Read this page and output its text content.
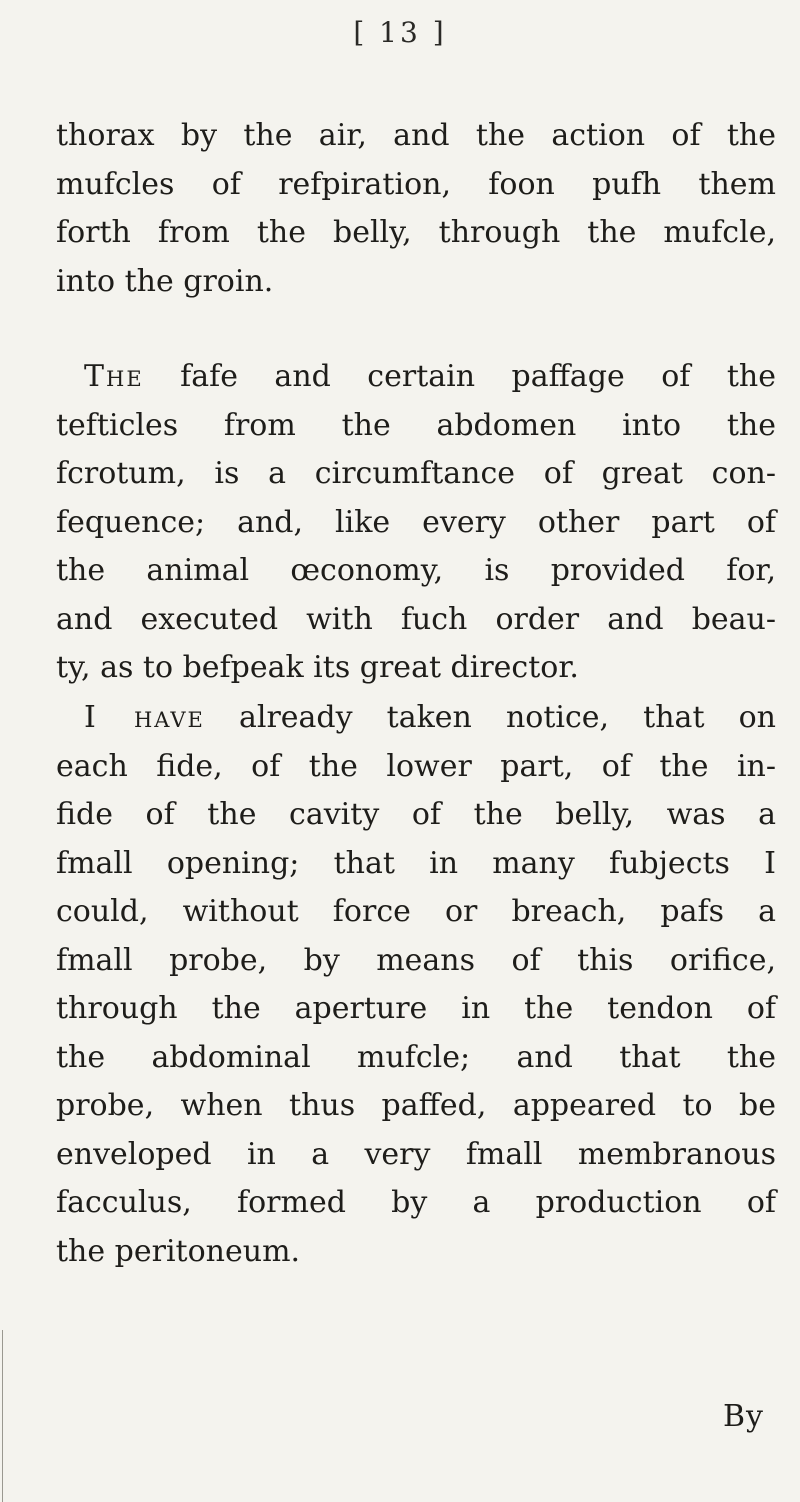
[ 13 ]
thorax by the air, and the action of the
mufcles of refpiration, foon pufh them
forth from the belly, through the mufcle,
into the groin.
The fafe and certain paffage of the
tefticles from the abdomen into the
fcrotum, is a circumftance of great con-
fequence; and, like every other part of
the animal œconomy, is provided for,
and executed with fuch order and beau-
ty, as to befpeak its great director.
I have already taken notice, that on
each fide, of the lower part, of the in-
fide of the cavity of the belly, was a
fmall opening; that in many fubjects I
could, without force or breach, pafs a
fmall probe, by means of this orifice,
through the aperture in the tendon of
the abdominal mufcle; and that the
probe, when thus paffed, appeared to be
enveloped in a very fmall membranous
facculus, formed by a production of
the peritoneum.
By
